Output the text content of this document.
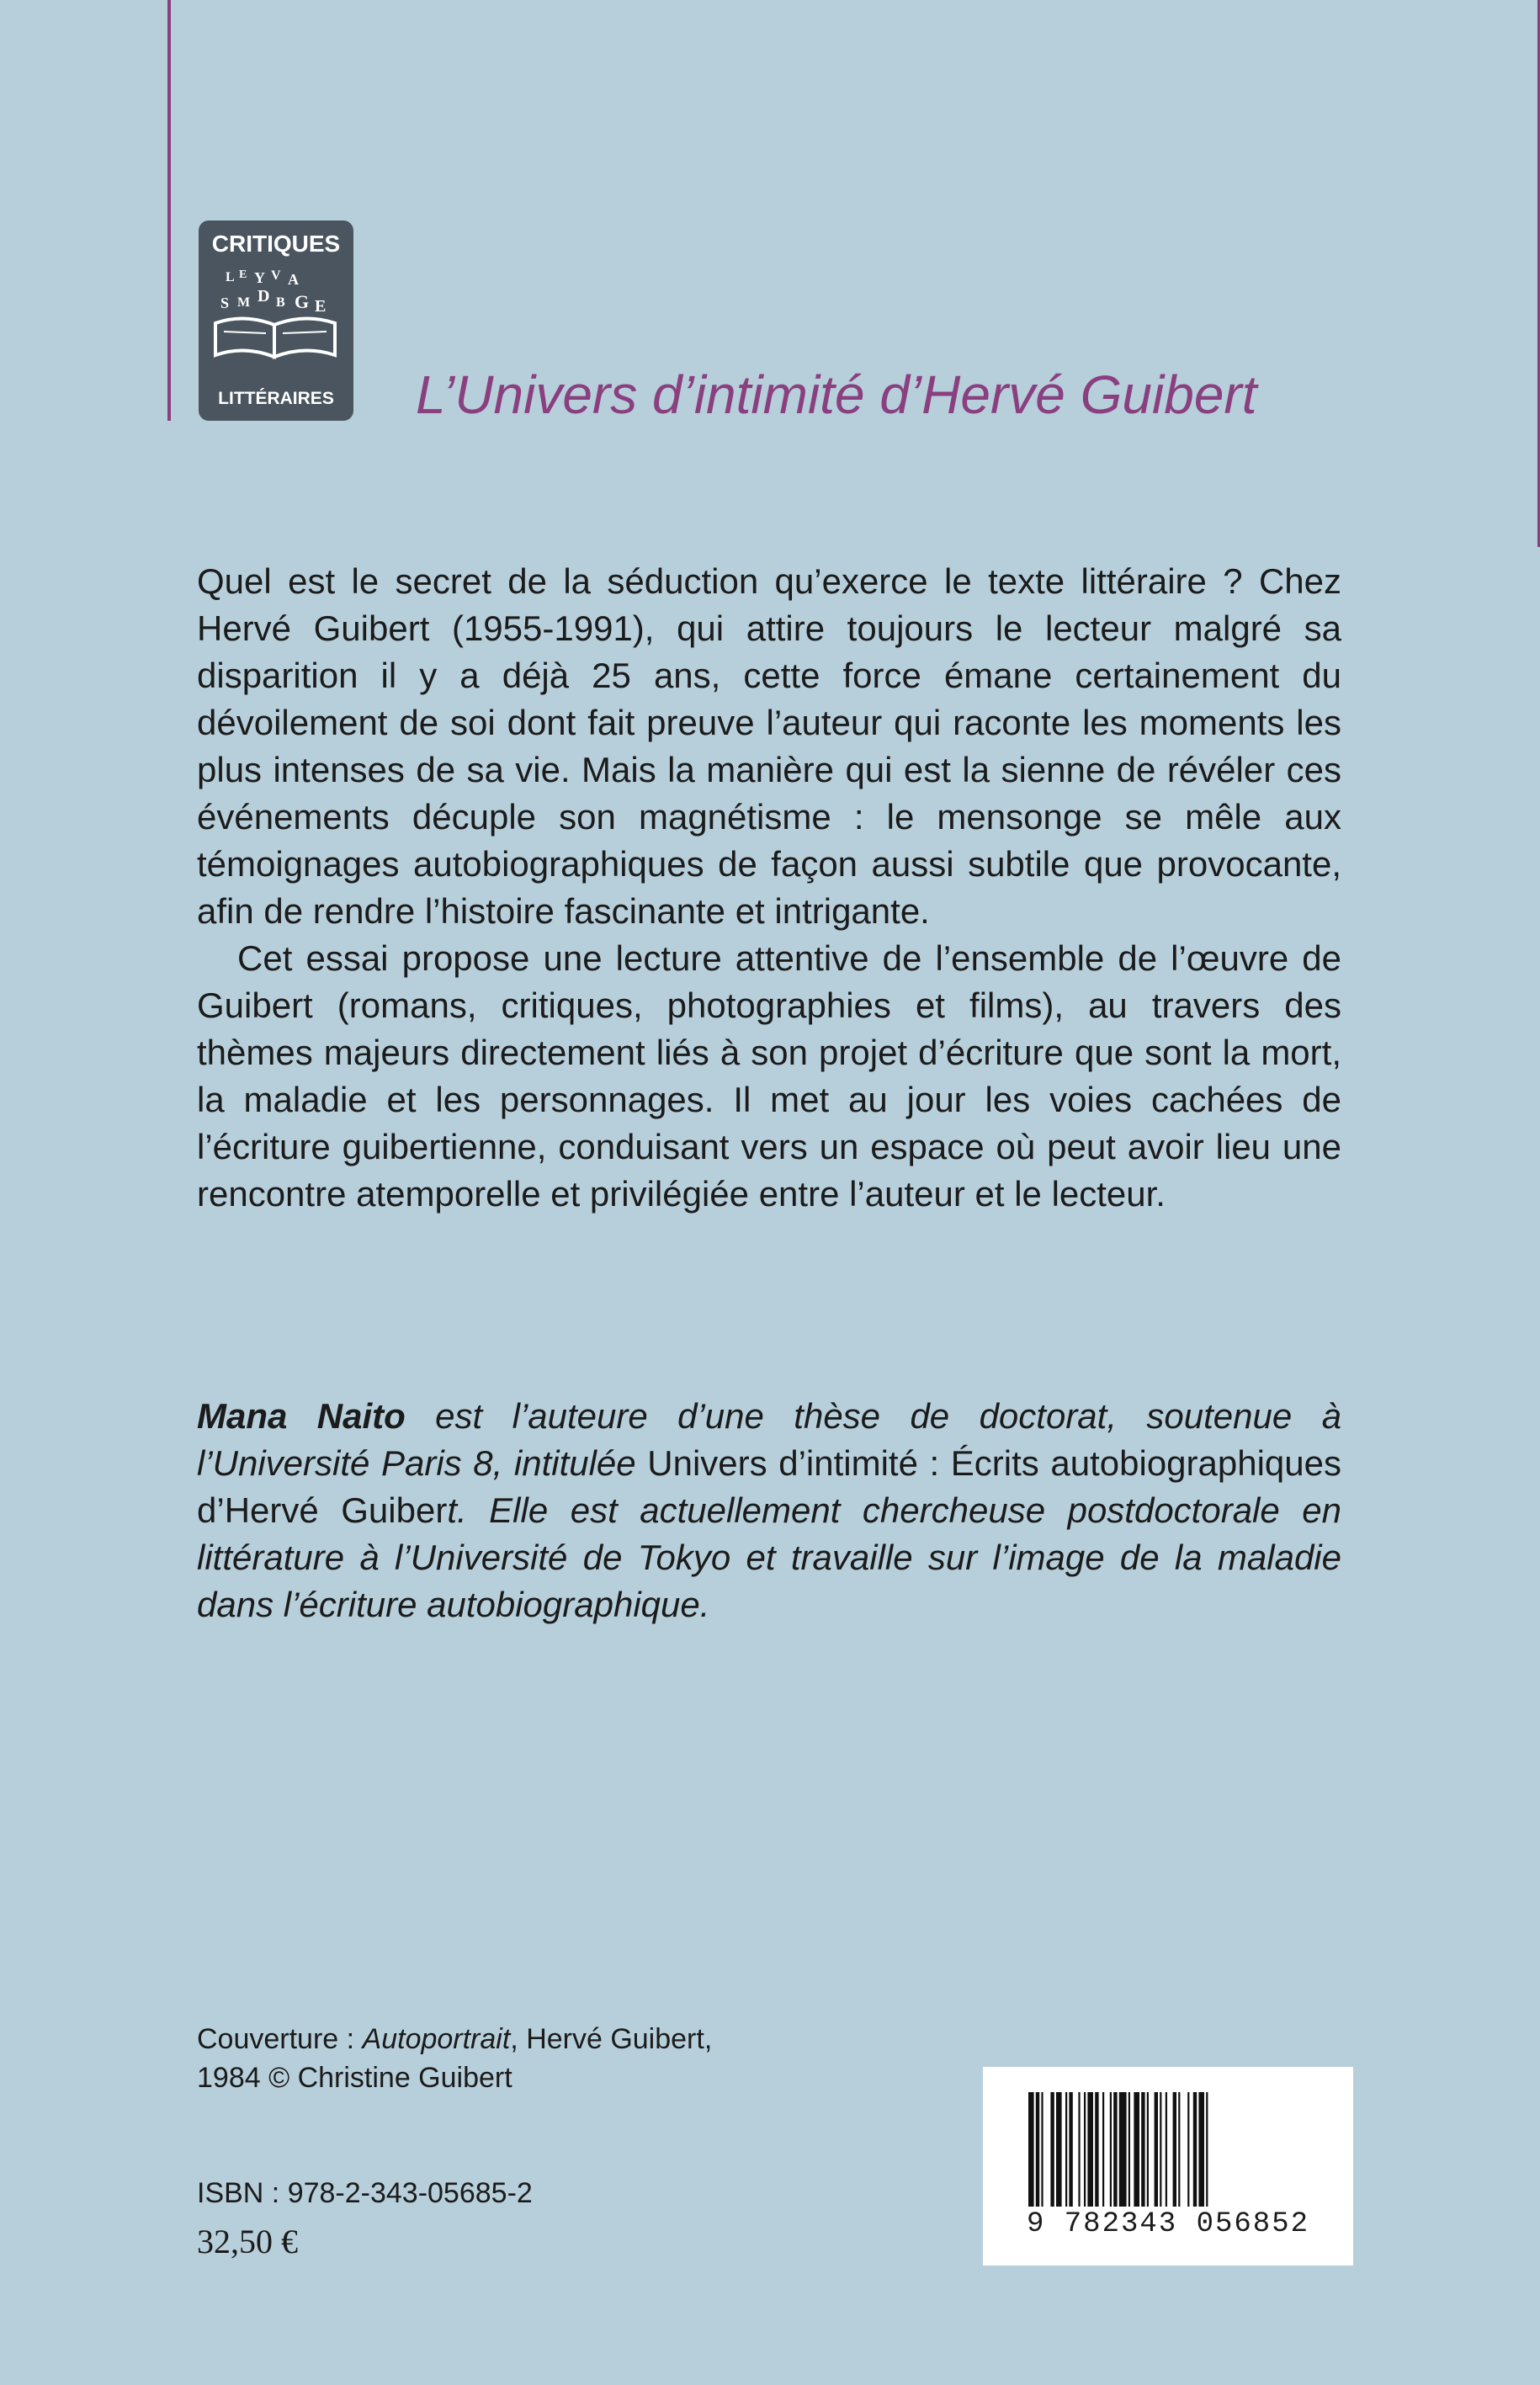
CRITIQUES
L E Y V A
D
S M B G E
LITTÉRAIRES	L’Univers d’intimité d’Hervé Guibert

Quel est le secret de la séduction qu’exerce le texte littéraire ? Chez Hervé Guibert (1955-1991), qui attire toujours le lecteur malgré sa disparition il y a déjà 25 ans, cette force émane certainement du dévoilement de soi dont fait preuve l’auteur qui raconte les moments les plus intenses de sa vie. Mais la manière qui est la sienne de révéler ces événements décuple son magnétisme : le mensonge se mêle aux témoignages autobiographiques de façon aussi subtile que provocante, afin de rendre l’histoire fascinante et intrigante.

Cet essai propose une lecture attentive de l’ensemble de l’œuvre de Guibert (romans, critiques, photographies et films), au travers des thèmes majeurs directement liés à son projet d’écriture que sont la mort, la maladie et les personnages. Il met au jour les voies cachées de l’écriture guibertienne, conduisant vers un espace où peut avoir lieu une rencontre atemporelle et privilégiée entre l’auteur et le lecteur.

Mana Naito est l’auteure d’une thèse de doctorat, soutenue à l’Université Paris 8, intitulée Univers d’intimité : Écrits autobiographiques d’Hervé Guibert. Elle est actuellement chercheuse postdoctorale en littérature à l’Université de Tokyo et travaille sur l’image de la maladie dans l’écriture autobiographique.
Couverture : Autoportrait, Hervé Guibert,
1984 © Christine Guibert
ISBN : 978-2-343-05685-2
32,50 €	9 782343 056852
